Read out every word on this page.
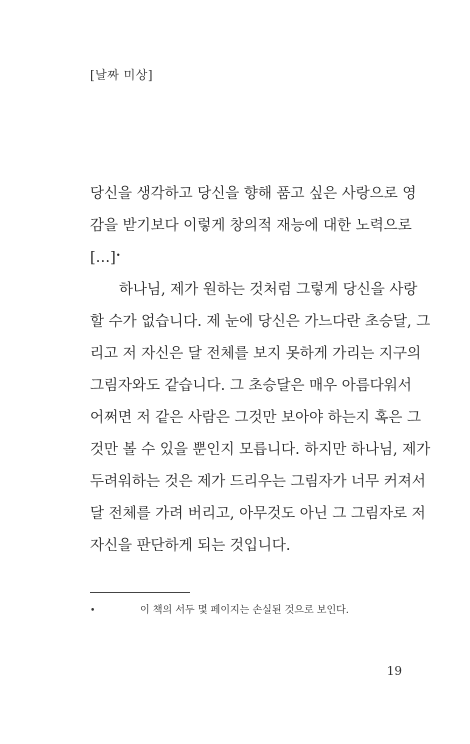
[날짜 미상]
당신을 생각하고 당신을 향해 품고 싶은 사랑으로 영
감을 받기보다 이렇게 창의적 재능에 대한 노력으로
[…]•
하나님, 제가 원하는 것처럼 그렇게 당신을 사랑
할 수가 없습니다. 제 눈에 당신은 가느다란 초승달, 그
리고 저 자신은 달 전체를 보지 못하게 가리는 지구의
그림자와도 같습니다. 그 초승달은 매우 아름다워서
어쩌면 저 같은 사람은 그것만 보아야 하는지 혹은 그
것만 볼 수 있을 뿐인지 모릅니다. 하지만 하나님, 제가
두려워하는 것은 제가 드리우는 그림자가 너무 커져서
달 전체를 가려 버리고, 아무것도 아닌 그 그림자로 저
자신을 판단하게 되는 것입니다.
•	이 책의 서두 몇 페이지는 손실된 것으로 보인다.
19
